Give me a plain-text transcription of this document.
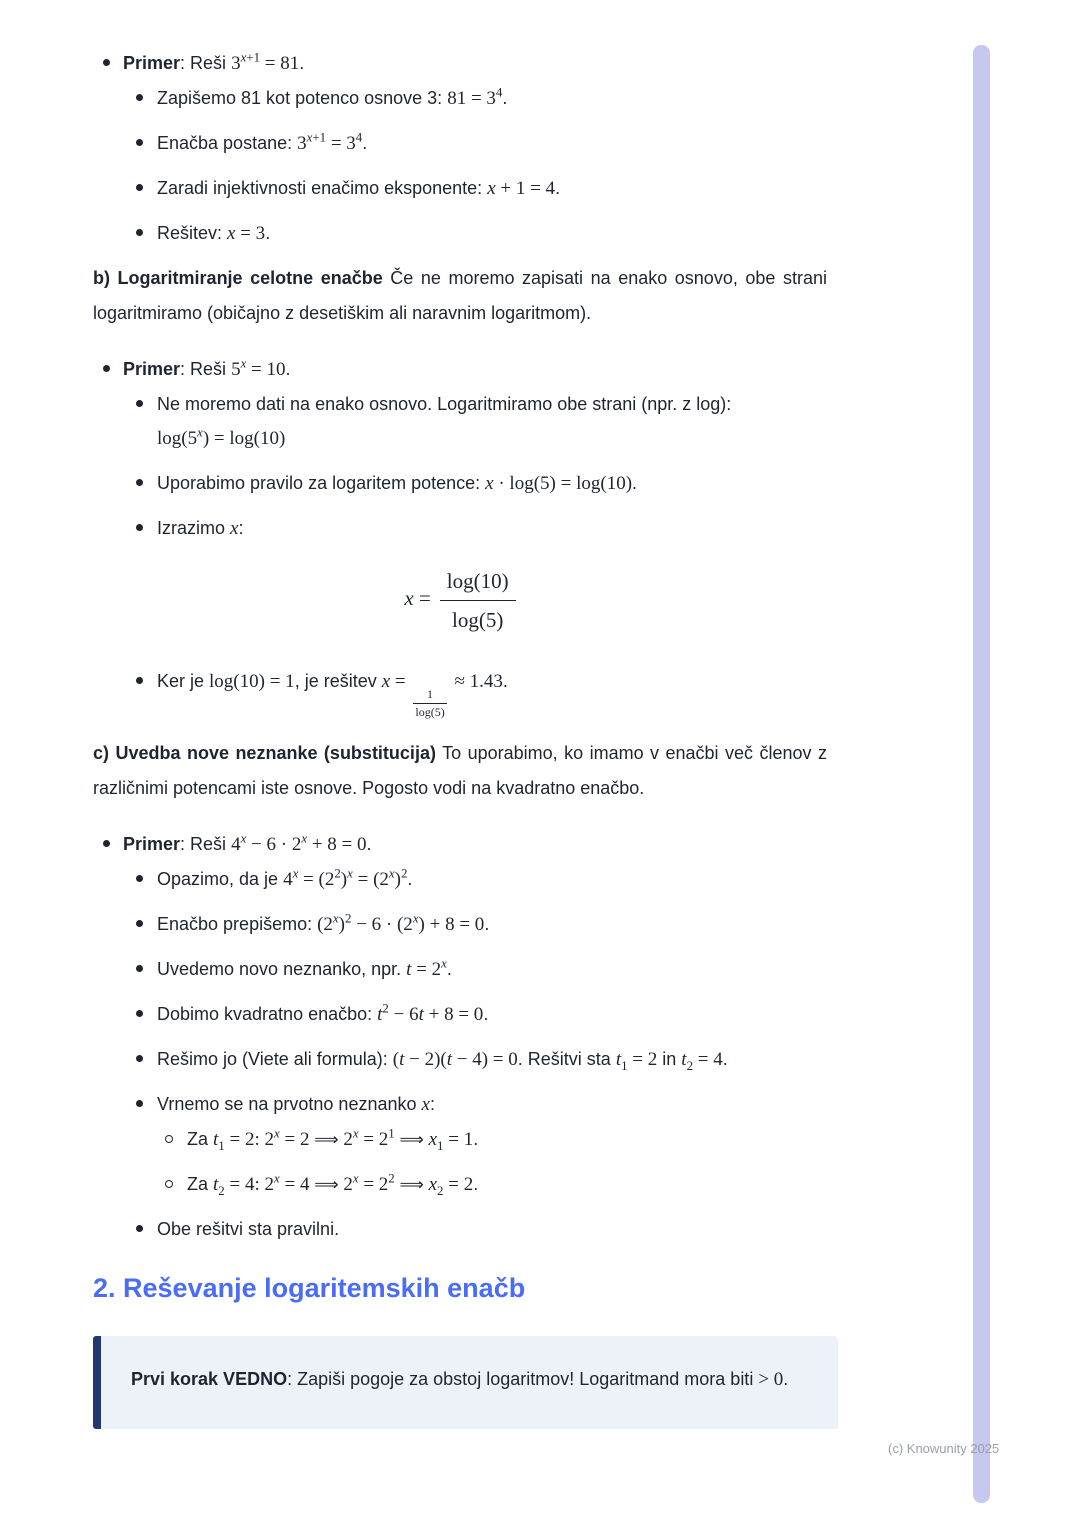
Primer: Reši $3^{x+1} = 81$.
Zapišemo 81 kot potenco osnove 3: $81 = 3^4$.
Enačba postane: $3^{x+1} = 3^4$.
Zaradi injektivnosti enačimo eksponente: x + 1 = 4.
Rešitev: x = 3.

b) Logaritmiranje celotne enačbe Če ne moremo zapisati na enako osnovo, obe strani logaritmiramo (običajno z desetiškim ali naravnim logaritmom).

Primer: Reši $5^x = 10$.
Ne moremo dati na enako osnovo. Logaritmiramo obe strani (npr. z log):
$\log(5^x) = \log(10)$
Uporabimo pravilo za logaritem potence: x · log(5) = log(10).
Izrazimo x:
$x = \frac{\log(10)}{\log(5)}$
Ker je log(10) = 1, je rešitev x =
$\frac{1}{\log(5)}$
≈ 1.43.

c) Uvedba nove neznanke (substitucija) To uporabimo, ko imamo v enačbi več členov z različnimi potencami iste osnove. Pogosto vodi na kvadratno enačbo.

Primer: Reši $4^x - 6 \cdot 2^x + 8 = 0$.
Opazimo, da je $4^x = (2^2)^x = (2^x)^2$.
Enačbo prepišemo: $(2^x)^2 - 6 \cdot (2^x) + 8 = 0$.
Uvedemo novo neznanko, npr. $t = 2^x$.
Dobimo kvadratno enačbo: $t^2 - 6t + 8 = 0$.
Rešimo jo (Viete ali formula): (t − 2)(t − 4) = 0. Rešitvi sta $t_1 = 2$ in $t_2 = 4$.
Vrnemo se na prvotno neznanko x:
Za $t_1 = 2$: $2^x = 2$ ⟹ $2^x = 2^1$ ⟹ $x_1 = 1$.
Za $t_2 = 4$: $2^x = 4$ ⟹ $2^x = 2^2$ ⟹ $x_2 = 2$.
Obe rešitvi sta pravilni.
2. Reševanje logaritemskih enačb

Prvi korak VEDNO: Zapiši pogoje za obstoj logaritmov! Logaritmand mora biti > 0.

(c) Knowunity 2025
